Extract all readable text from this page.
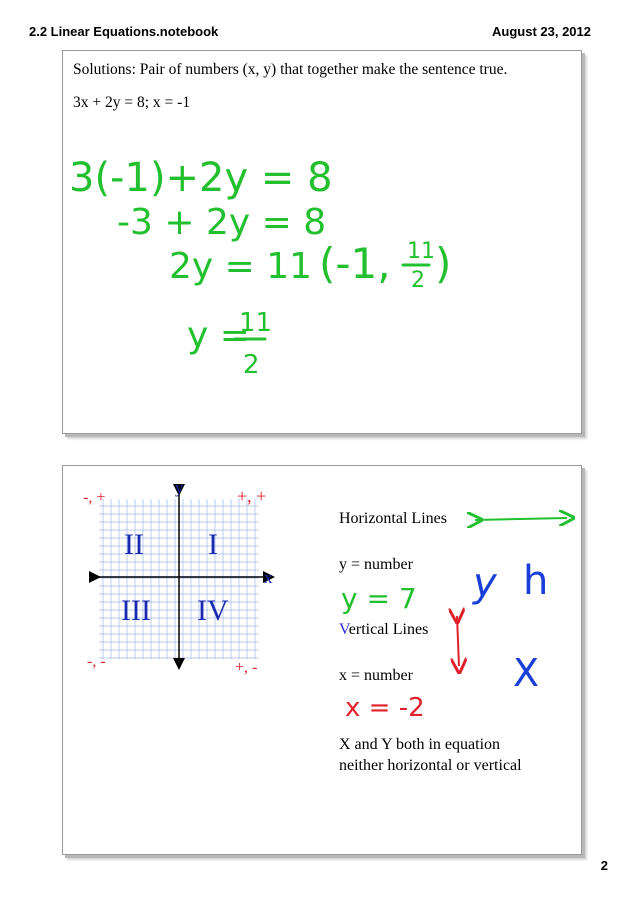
2.2 Linear Equations.notebook	August 23, 2012
Solutions: Pair of numbers (x, y) that together make the sentence true.
3x + 2y = 8; x = -1
3(-1)+2y = 8
-3 + 2y = 8
2y = 11
y =
11
2
(-1, 11
2 )
y
x
II I
III IV
-, +	+, +
-, -	+, -
y = 7 y h
x = -2
X
Horizontal Lines
y = number
Vertical Lines
x = number
X and Y both in equation
neither horizontal or vertical
2
